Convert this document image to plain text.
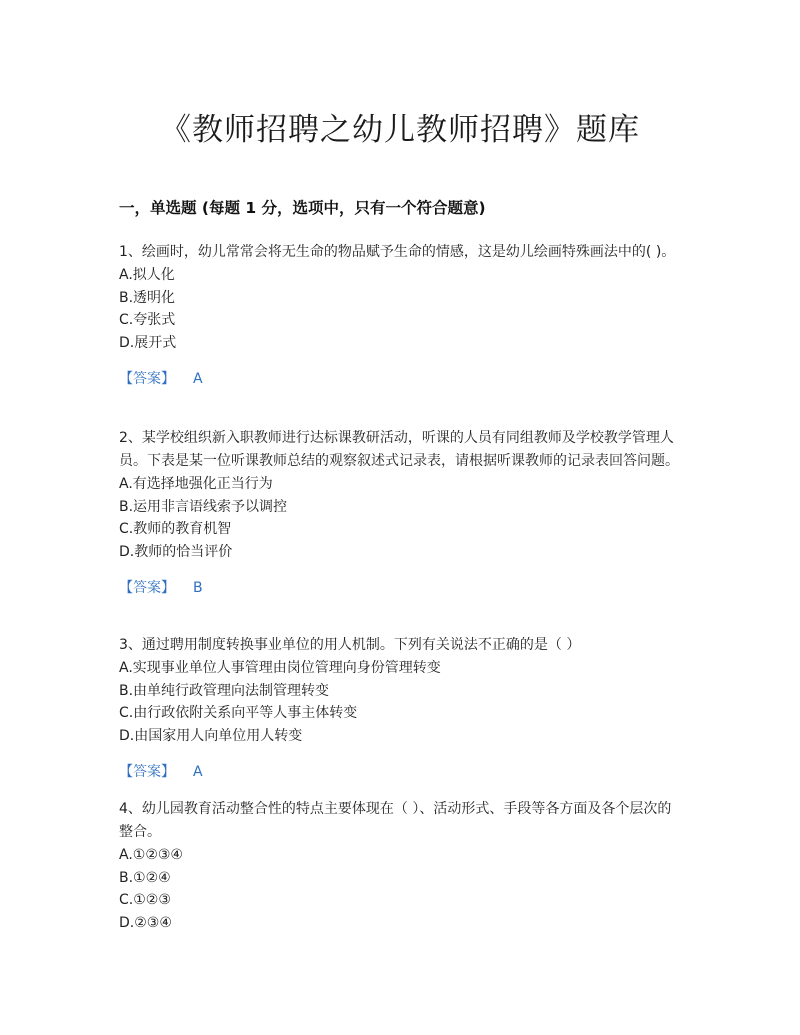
《教师招聘之幼儿教师招聘》题库
一，单选题 (每题 1 分，选项中，只有一个符合题意)

1、绘画时，幼儿常常会将无生命的物品赋予生命的情感，这是幼儿绘画特殊画法中的( )。

A.拟人化

B.透明化

C.夸张式

D.展开式

【答案】 A

2、某学校组织新入职教师进行达标课教研活动，听课的人员有同组教师及学校教学管理人员。下表是某一位听课教师总结的观察叙述式记录表，请根据听课教师的记录表回答问题。

A.有选择地强化正当行为

B.运用非言语线索予以调控

C.教师的教育机智

D.教师的恰当评价

【答案】 B

3、通过聘用制度转换事业单位的用人机制。下列有关说法不正确的是（ ）

A.实现事业单位人事管理由岗位管理向身份管理转变

B.由单纯行政管理向法制管理转变

C.由行政依附关系向平等人事主体转变

D.由国家用人向单位用人转变

【答案】 A

4、幼儿园教育活动整合性的特点主要体现在（ ）、活动形式、手段等各方面及各个层次的整合。

A.①②③④

B.①②④

C.①②③

D.②③④
